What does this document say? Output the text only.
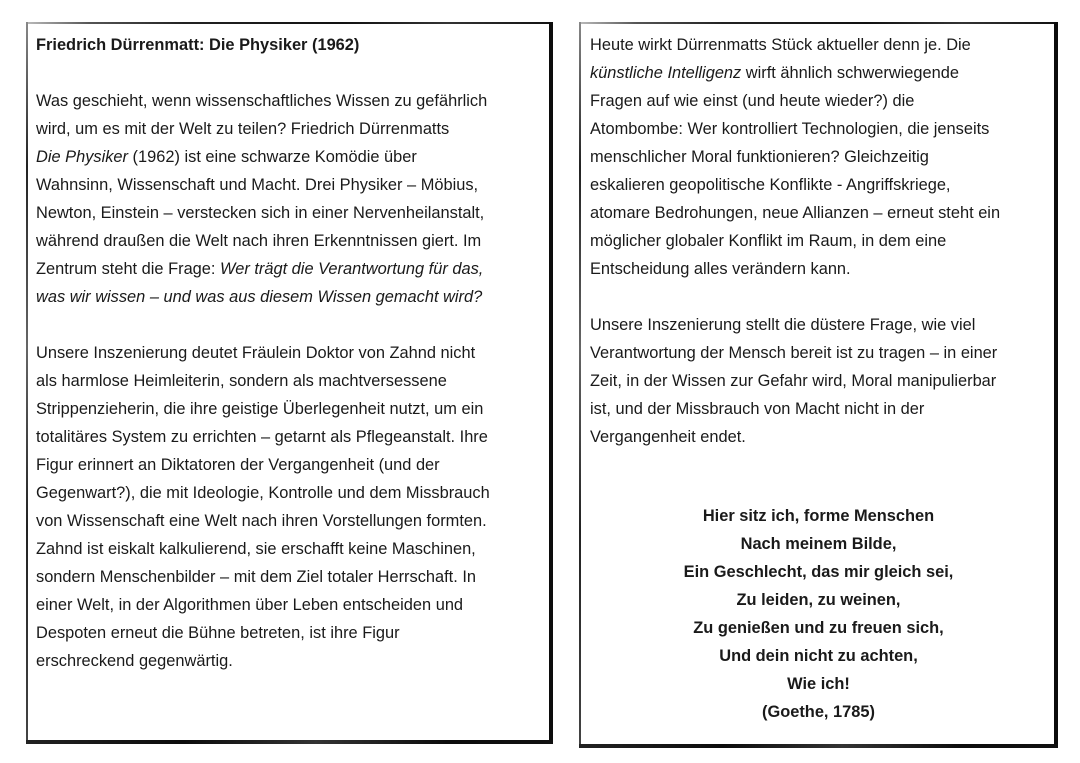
Friedrich Dürrenmatt: Die Physiker (1962)
Was geschieht, wenn wissenschaftliches Wissen zu gefährlich
wird, um es mit der Welt zu teilen? Friedrich Dürrenmatts
Die Physiker (1962) ist eine schwarze Komödie über
Wahnsinn, Wissenschaft und Macht. Drei Physiker – Möbius,
Newton, Einstein – verstecken sich in einer Nervenheilanstalt,
während draußen die Welt nach ihren Erkenntnissen giert. Im
Zentrum steht die Frage: Wer trägt die Verantwortung für das,
was wir wissen – und was aus diesem Wissen gemacht wird?
Unsere Inszenierung deutet Fräulein Doktor von Zahnd nicht
als harmlose Heimleiterin, sondern als machtversessene
Strippenzieherin, die ihre geistige Überlegenheit nutzt, um ein
totalitäres System zu errichten – getarnt als Pflegeanstalt. Ihre
Figur erinnert an Diktatoren der Vergangenheit (und der
Gegenwart?), die mit Ideologie, Kontrolle und dem Missbrauch
von Wissenschaft eine Welt nach ihren Vorstellungen formten.
Zahnd ist eiskalt kalkulierend, sie erschafft keine Maschinen,
sondern Menschenbilder – mit dem Ziel totaler Herrschaft. In
einer Welt, in der Algorithmen über Leben entscheiden und
Despoten erneut die Bühne betreten, ist ihre Figur
erschreckend gegenwärtig.
Heute wirkt Dürrenmatts Stück aktueller denn je. Die
künstliche Intelligenz wirft ähnlich schwerwiegende
Fragen auf wie einst (und heute wieder?) die
Atombombe: Wer kontrolliert Technologien, die jenseits
menschlicher Moral funktionieren? Gleichzeitig
eskalieren geopolitische Konflikte - Angriffskriege,
atomare Bedrohungen, neue Allianzen – erneut steht ein
möglicher globaler Konflikt im Raum, in dem eine
Entscheidung alles verändern kann.
Unsere Inszenierung stellt die düstere Frage, wie viel
Verantwortung der Mensch bereit ist zu tragen – in einer
Zeit, in der Wissen zur Gefahr wird, Moral manipulierbar
ist, und der Missbrauch von Macht nicht in der
Vergangenheit endet.
Hier sitz ich, forme Menschen
Nach meinem Bilde,
Ein Geschlecht, das mir gleich sei,
Zu leiden, zu weinen,
Zu genießen und zu freuen sich,
Und dein nicht zu achten,
Wie ich!
(Goethe, 1785)
